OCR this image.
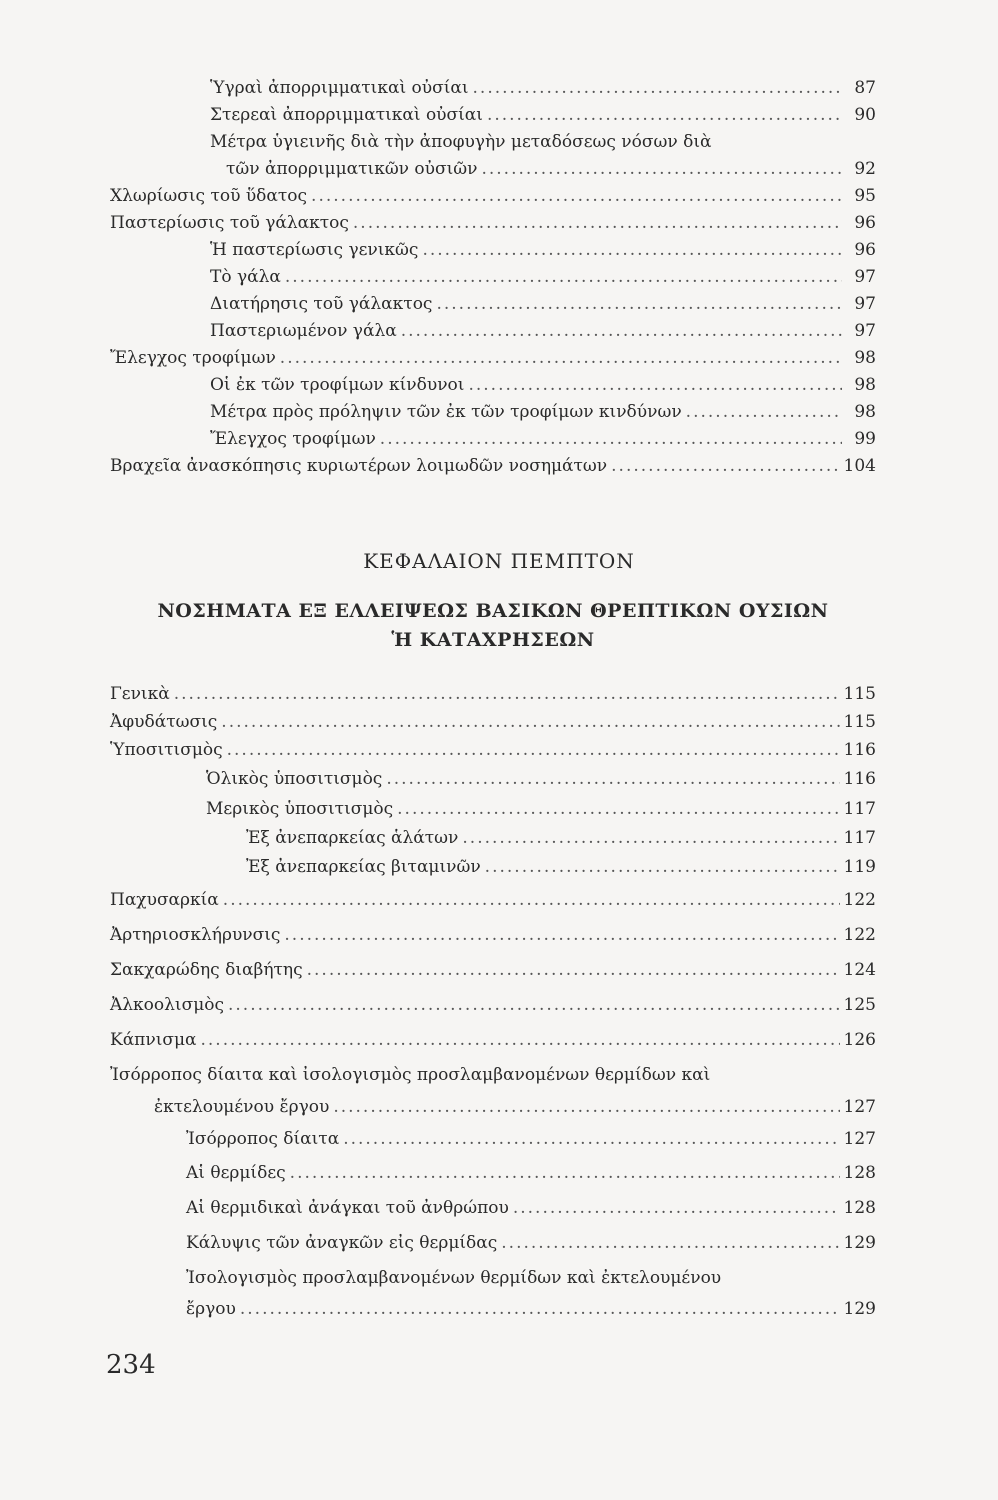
Ὑγραὶ ἀπορριμματικαὶ οὐσίαι .....	87
Στερεαὶ ἀπορριμματικαὶ οὐσίαι .....	90
Μέτρα ὑγιεινῆς διὰ τὴν ἀποφυγὴν μεταδόσεως νόσων διὰ
τῶν ἀπορριμματικῶν οὐσιῶν .....	92
Χλωρίωσις τοῦ ὕδατος .....	95
Παστερίωσις τοῦ γάλακτος .....	96
Ἡ παστερίωσις γενικῶς .....	96
Τὸ γάλα .....	97
Διατήρησις τοῦ γάλακτος .....	97
Παστεριωμένον γάλα .....	97
Ἔλεγχος τροφίμων .....	98
Οἱ ἐκ τῶν τροφίμων κίνδυνοι .....	98
Μέτρα πρὸς πρόληψιν τῶν ἐκ τῶν τροφίμων κινδύνων .....	98
Ἔλεγχος τροφίμων .....	99
Βραχεῖα ἀνασκόπησις κυριωτέρων λοιμωδῶν νοσημάτων .....	104
ΚΕΦΑΛΑΙΟΝ ΠΕΜΠΤΟΝ
ΝΟΣΗΜΑΤΑ ΕΞ ΕΛΛΕΙΨΕΩΣ ΒΑΣΙΚΩΝ ΘΡΕΠΤΙΚΩΝ ΟΥΣΙΩΝ
Ἡ ΚΑΤΑΧΡΗΣΕΩΝ
Γενικὰ .....	115
Ἀφυδάτωσις .....	115
Ὑποσιτισμὸς .....	116
Ὁλικὸς ὑποσιτισμὸς .....	116
Μερικὸς ὑποσιτισμὸς .....	117
Ἐξ ἀνεπαρκείας ἁλάτων .....	117
Ἐξ ἀνεπαρκείας βιταμινῶν .....	119
Παχυσαρκία .....	122
Ἀρτηριοσκλήρυνσις .....	122
Σακχαρώδης διαβήτης .....	124
Ἀλκοολισμὸς .....	125
Κάπνισμα .....	126
Ἰσόρροπος δίαιτα καὶ ἰσολογισμὸς προσλαμβανομένων θερμίδων καὶ
ἐκτελουμένου ἔργου .....	127
Ἰσόρροπος δίαιτα .....	127
Αἱ θερμίδες .....	128
Αἱ θερμιδικαὶ ἀνάγκαι τοῦ ἀνθρώπου .....	128
Κάλυψις τῶν ἀναγκῶν εἰς θερμίδας .....	129
Ἰσολογισμὸς προσλαμβανομένων θερμίδων καὶ ἐκτελουμένου
ἔργου .....	129
234
